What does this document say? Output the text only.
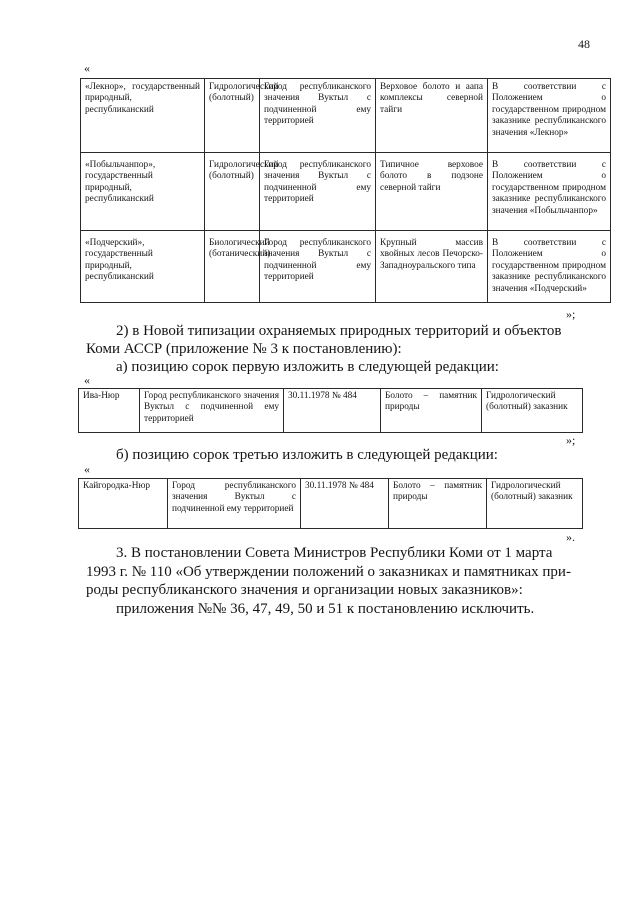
48
«
«Лекнор», государственный природный, республиканский	Гидрологический (болотный)	Город республиканского значения Вуктыл с подчиненной ему территорией	Верховое болото и аапа комплексы северной тайги	В соответствии с Положением о государственном природном заказнике республиканского значения «Лекнор»
«Побыльчанпор», государственный природный, республиканский	Гидрологический (болотный)	Город республиканского значения Вуктыл с подчиненной ему территорией	Типичное верховое болото в подзоне северной тайги	В соответствии с Положением о государственном природном заказнике республиканского значения «Побыльчанпор»
«Подчерский», государственный природный, республиканский	Биологический (ботанический)	Город республиканского значения Вуктыл с подчиненной ему территорией	Крупный массив хвойных лесов Печорско-Западноуральского типа	В соответствии с Положением о государственном природном заказнике республиканского значения «Подчерский»
»;

2) в Новой типизации охраняемых природных территорий и объектов

Коми АССР (приложение № 3 к постановлению):

а) позицию сорок первую изложить в следующей редакции:

«
Ива-Нюр	Город республиканского значения Вуктыл с подчиненной ему территорией	30.11.1978 № 484	Болото – памятник природы	Гидрологический (болотный) заказник
»;

б) позицию сорок третью изложить в следующей редакции:

«
Кайгородка-Нюр	Город республиканского значения Вуктыл с подчиненной ему территорией	30.11.1978 № 484	Болото – памятник природы	Гидрологический (болотный) заказник
».

3. В постановлении Совета Министров Республики Коми от 1 марта

1993 г. № 110 «Об утверждении положений о заказниках и памятниках при-

роды республиканского значения и организации новых заказников»:

приложения №№ 36, 47, 49, 50 и 51 к постановлению исключить.
